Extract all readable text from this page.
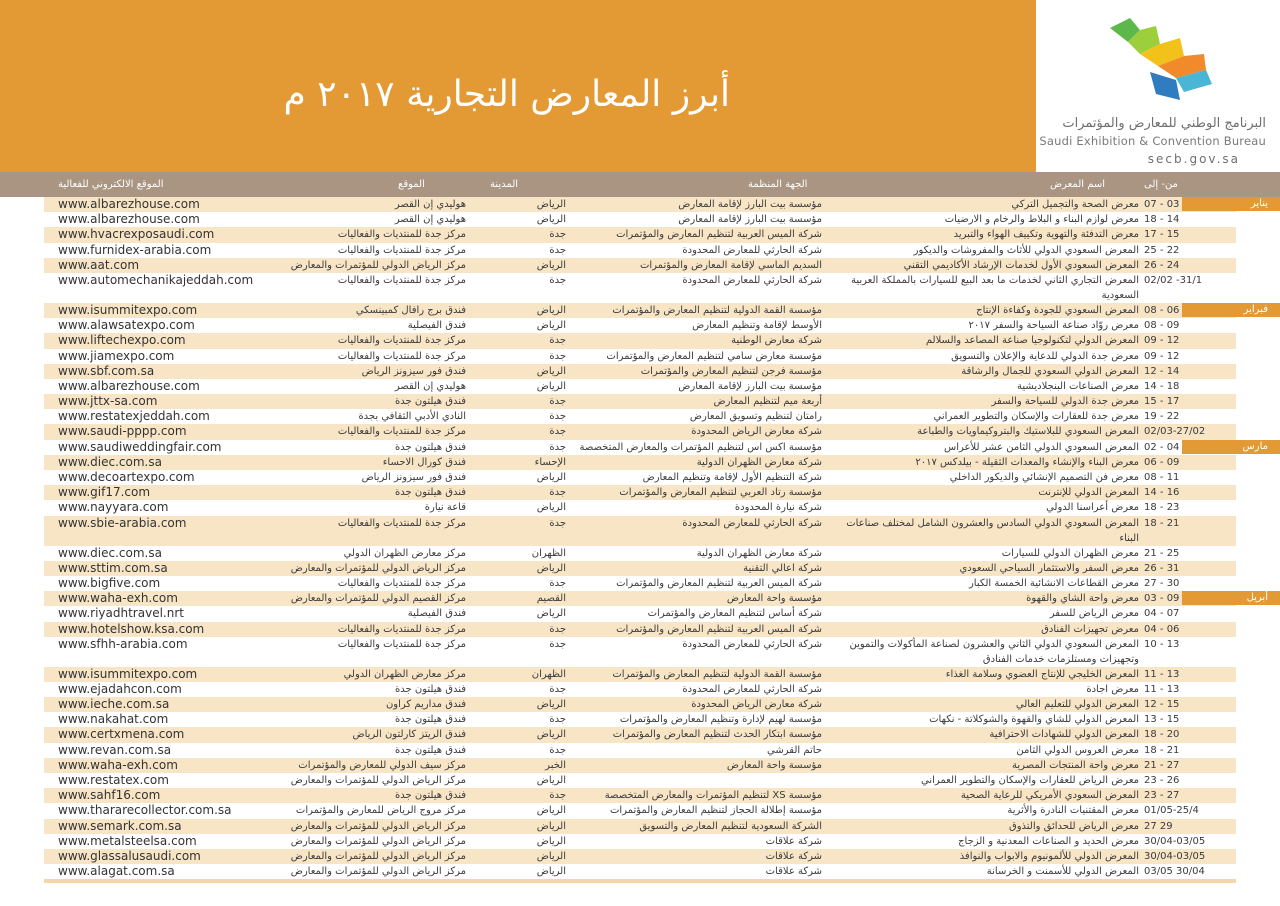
أبرز المعارض التجارية ٢٠١٧ م
البرنامج الوطني للمعارض والمؤتمرات
Saudi Exhibition & Convention Bureau
secb.gov.sa
من- إلى
اسم المعرض
الجهة المنظمة
المدينة
الموقع
الموقع الالكتروني للفعالية
07 - 03
معرض الصحة والتجميل التركي
مؤسسة بيت البارز لإقامة المعارض
الرياض
هوليدي إن القصر
www.albarezhouse.com
18 - 14
معرض لوازم البناء و البلاط والرخام و الارضيات
مؤسسة بيت البارز لإقامة المعارض
الرياض
هوليدي إن القصر
www.albarezhouse.com
17 - 15
معرض التدفئة والتهوية وتكييف الهواء والتبريد
شركة الميس العربية لتنظيم المعارض والمؤتمرات
جدة
مركز جدة للمنتديات والفعاليات
www.hvacrexposaudi.com
25 - 22
المعرض السعودي الدولي للأثاث والمفروشات والديكور
شركة الحارثي للمعارض المحدودة
جدة
مركز جدة للمنتديات والفعاليات
www.furnidex-arabia.com
26 - 24
المعرض السعودي الأول لخدمات الإرشاد الأكاديمي التقني
السديم الماسي لإقامة المعارض والمؤتمرات
الرياض
مركز الرياض الدولي للمؤتمرات والمعارض
www.aat.com
02/02 -31/1
المعرض التجاري الثاني لخدمات ما بعد البيع للسيارات بالمملكة العربية السعودية
شركة الحارثي للمعارض المحدودة
جدة
مركز جدة للمنتديات والفعاليات
www.automechanikajeddah.com
08 - 06
المعرض السعودي للجودة وكفاءة الإنتاج
مؤسسة القمة الدولية لتنظيم المعارض والمؤتمرات
الرياض
فندق برج رافال كمبينسكي
www.isummitexpo.com
08 - 09
معرض روّاد صناعة السياحة والسفر ٢٠١٧
الأوسط لإقامة وتنظيم المعارض
الرياض
فندق الفيصلية
www.alawsatexpo.com
09 - 12
المعرض الدولي لتكنولوجيا صناعة المصاعد والسلالم
شركة معارض الوطنية
جدة
مركز جدة للمنتديات والفعاليات
www.liftechexpo.com
09 - 12
معرض جدة الدولي للدعاية والإعلان والتسويق
مؤسسة معارض سامي لتنظيم المعارض والمؤتمرات
جدة
مركز جدة للمنتديات والفعاليات
www.jiamexpo.com
12 - 14
المعرض الدولي السعودي للجمال والرشاقة
مؤسسة فرجن لتنظيم المعارض والمؤتمرات
الرياض
فندق فور سيزونز الرياض
www.sbf.com.sa
14 - 18
معرض الصناعات البنجلاديشية
مؤسسة بيت البارز لإقامة المعارض
الرياض
هوليدي إن القصر
www.albarezhouse.com
15 - 17
معرض جدة الدولي للسياحة والسفر
أربعة ميم لتنظيم المعارض
جدة
فندق هيلتون جدة
www.jttx-sa.com
19 - 22
معرض جدة للعقارات والإسكان والتطوير العمراني
رامتان لتنظيم وتسويق المعارض
جدة
النادي الأدبي الثقافي بجدة
www.restatexjeddah.com
02/03-27/02
المعرض السعودي للبلاستيك والبتروكيماويات والطباعة
شركة معارض الرياض المحدودة
جدة
مركز جدة للمنتديات والفعاليات
www.saudi-pppp.com
02 - 04
المعرض السعودي الدولي الثامن عشر للأعراس
مؤسسة اكس اس لتنظيم المؤتمرات والمعارض المتخصصة
جدة
فندق هيلتون جدة
www.saudiweddingfair.com
06 - 09
معرض البناء والإنشاء والمعدات الثقيلة - بيلدكس ٢٠١٧
شركة معارض الظهران الدولية
الإحساء
فندق كورال الاحساء
www.diec.com.sa
08 - 11
معرض فن التصميم الإنشائي والديكور الداخلي
شركة التنظيم الأول لإقامة وتنظيم المعارض
الرياض
فندق فور سيزونز الرياض
www.decoartexpo.com
14 - 16
المعرض الدولي للإنترنت
مؤسسة رتاد العربي لتنظيم المعارض والمؤتمرات
جدة
فندق هيلتون جدة
www.gif17.com
18 - 23
معرض أعراسنا الدولي
شركة نيارة المحدودة
الرياض
قاعة نيارة
www.nayyara.com
18 - 21
المعرض السعودي الدولي السادس والعشرون الشامل لمختلف صناعات البناء
شركة الحارثي للمعارض المحدودة
جدة
مركز جدة للمنتديات والفعاليات
www.sbie-arabia.com
21 - 25
معرض الظهران الدولي للسيارات
شركة معارض الظهران الدولية
الظهران
مركز معارض الظهران الدولي
www.diec.com.sa
26 - 31
معرض السفر والاستثمار السياحي السعودي
شركة اعالي التقنية
الرياض
مركز الرياض الدولي للمؤتمرات والمعارض
www.sttim.com.sa
27 - 30
معرض القطاعات الانشائية الخمسة الكبار
شركة الميس العربية لتنظيم المعارض والمؤتمرات
جدة
مركز جدة للمنتديات والفعاليات
www.bigfive.com
03 - 09
معرض واحة الشاي والقهوة
مؤسسة واحة المعارض
القصيم
مركز القصيم الدولي للمؤتمرات والمعارض
www.waha-exh.com
04 - 07
معرض الرياض للسفر
شركة أساس لتنظيم المعارض والمؤتمرات
الرياض
فندق الفيصلية
www.riyadhtravel.nrt
04 - 06
معرض تجهيزات الفنادق
شركة الميس العربية لتنظيم المعارض والمؤتمرات
جدة
مركز جدة للمنتديات والفعاليات
www.hotelshow.ksa.com
10 - 13
المعرض السعودي الدولي الثاني والعشرون لصناعة المأكولات والتموين وتجهيزات ومستلزمات خدمات الفنادق
شركة الحارثي للمعارض المحدودة
جدة
مركز جدة للمنتديات والفعاليات
www.sfhh-arabia.com
11 - 13
المعرض الخليجي للإنتاج العضوي وسلامة الغذاء
مؤسسة القمة الدولية لتنظيم المعارض والمؤتمرات
الظهران
مركز معارض الظهران الدولي
www.isummitexpo.com
11 - 13
معرض اجادة
شركة الحارثي للمعارض المحدودة
جدة
فندق هيلتون جدة
www.ejadahcon.com
12 - 15
المعرض الدولي للتعليم العالي
شركة معارض الرياض المحدودة
الرياض
فندق مداريم كراون
www.ieche.com.sa
13 - 15
المعرض الدولي للشاي والقهوة والشوكلاتة - نكهات
مؤسسة لهيم لإدارة وتنظيم المعارض والمؤتمرات
جدة
فندق هيلتون جدة
www.nakahat.com
18 - 20
المعرض الدولي للشهادات الاحترافية
مؤسسة ابتكار الحدث لتنظيم المعارض والمؤتمرات
الرياض
فندق الريتز كارلتون الرياض
www.certxmena.com
18 - 21
معرض العروس الدولي الثامن
حاتم القرشي
جدة
فندق هيلتون جدة
www.revan.com.sa
21 - 27
معرض واحة المنتجات المصرية
مؤسسة واحة المعارض
الخبر
مركز سيف الدولي للمعارض والمؤتمرات
www.waha-exh.com
23 - 26
معرض الرياض للعقارات والإسكان والتطوير العمراني
الرياض
مركز الرياض الدولي للمؤتمرات والمعارض
www.restatex.com
23 - 27
المعرض السعودي الأمريكي للرعاية الصحية
مؤسسة XS لتنظيم المؤتمرات والمعارض المتخصصة
جدة
فندق هيلتون جدة
www.sahf16.com
01/05-25/4
معرض المقتنيات النادرة والأثرية
مؤسسة إطلالة الحجاز لتنظيم المعارض والمؤتمرات
الرياض
مركز مروج الرياض للمعارض والمؤتمرات
www.thararecollector.com.sa
27 29
معرض الرياض للحدائق والتذوق
الشركة السعودية لتنظيم المعارض والتسويق
الرياض
مركز الرياض الدولي للمؤتمرات والمعارض
www.semark.com.sa
30/04-03/05
معرض الحديد و الصناعات المعدنية و الزجاج
شركة علاقات
الرياض
مركز الرياض الدولي للمؤتمرات والمعارض
www.metalsteelsa.com
30/04-03/05
المعرض الدولي للألمونيوم والابواب والنوافذ
شركة علاقات
الرياض
مركز الرياض الدولي للمؤتمرات والمعارض
www.glassalusaudi.com
03/05 30/04
المعرض الدولي للأسمنت و الخرسانة
شركة علاقات
الرياض
مركز الرياض الدولي للمؤتمرات والمعارض
www.alagat.com.sa
يناير
فبراير
مارس
أبريل
